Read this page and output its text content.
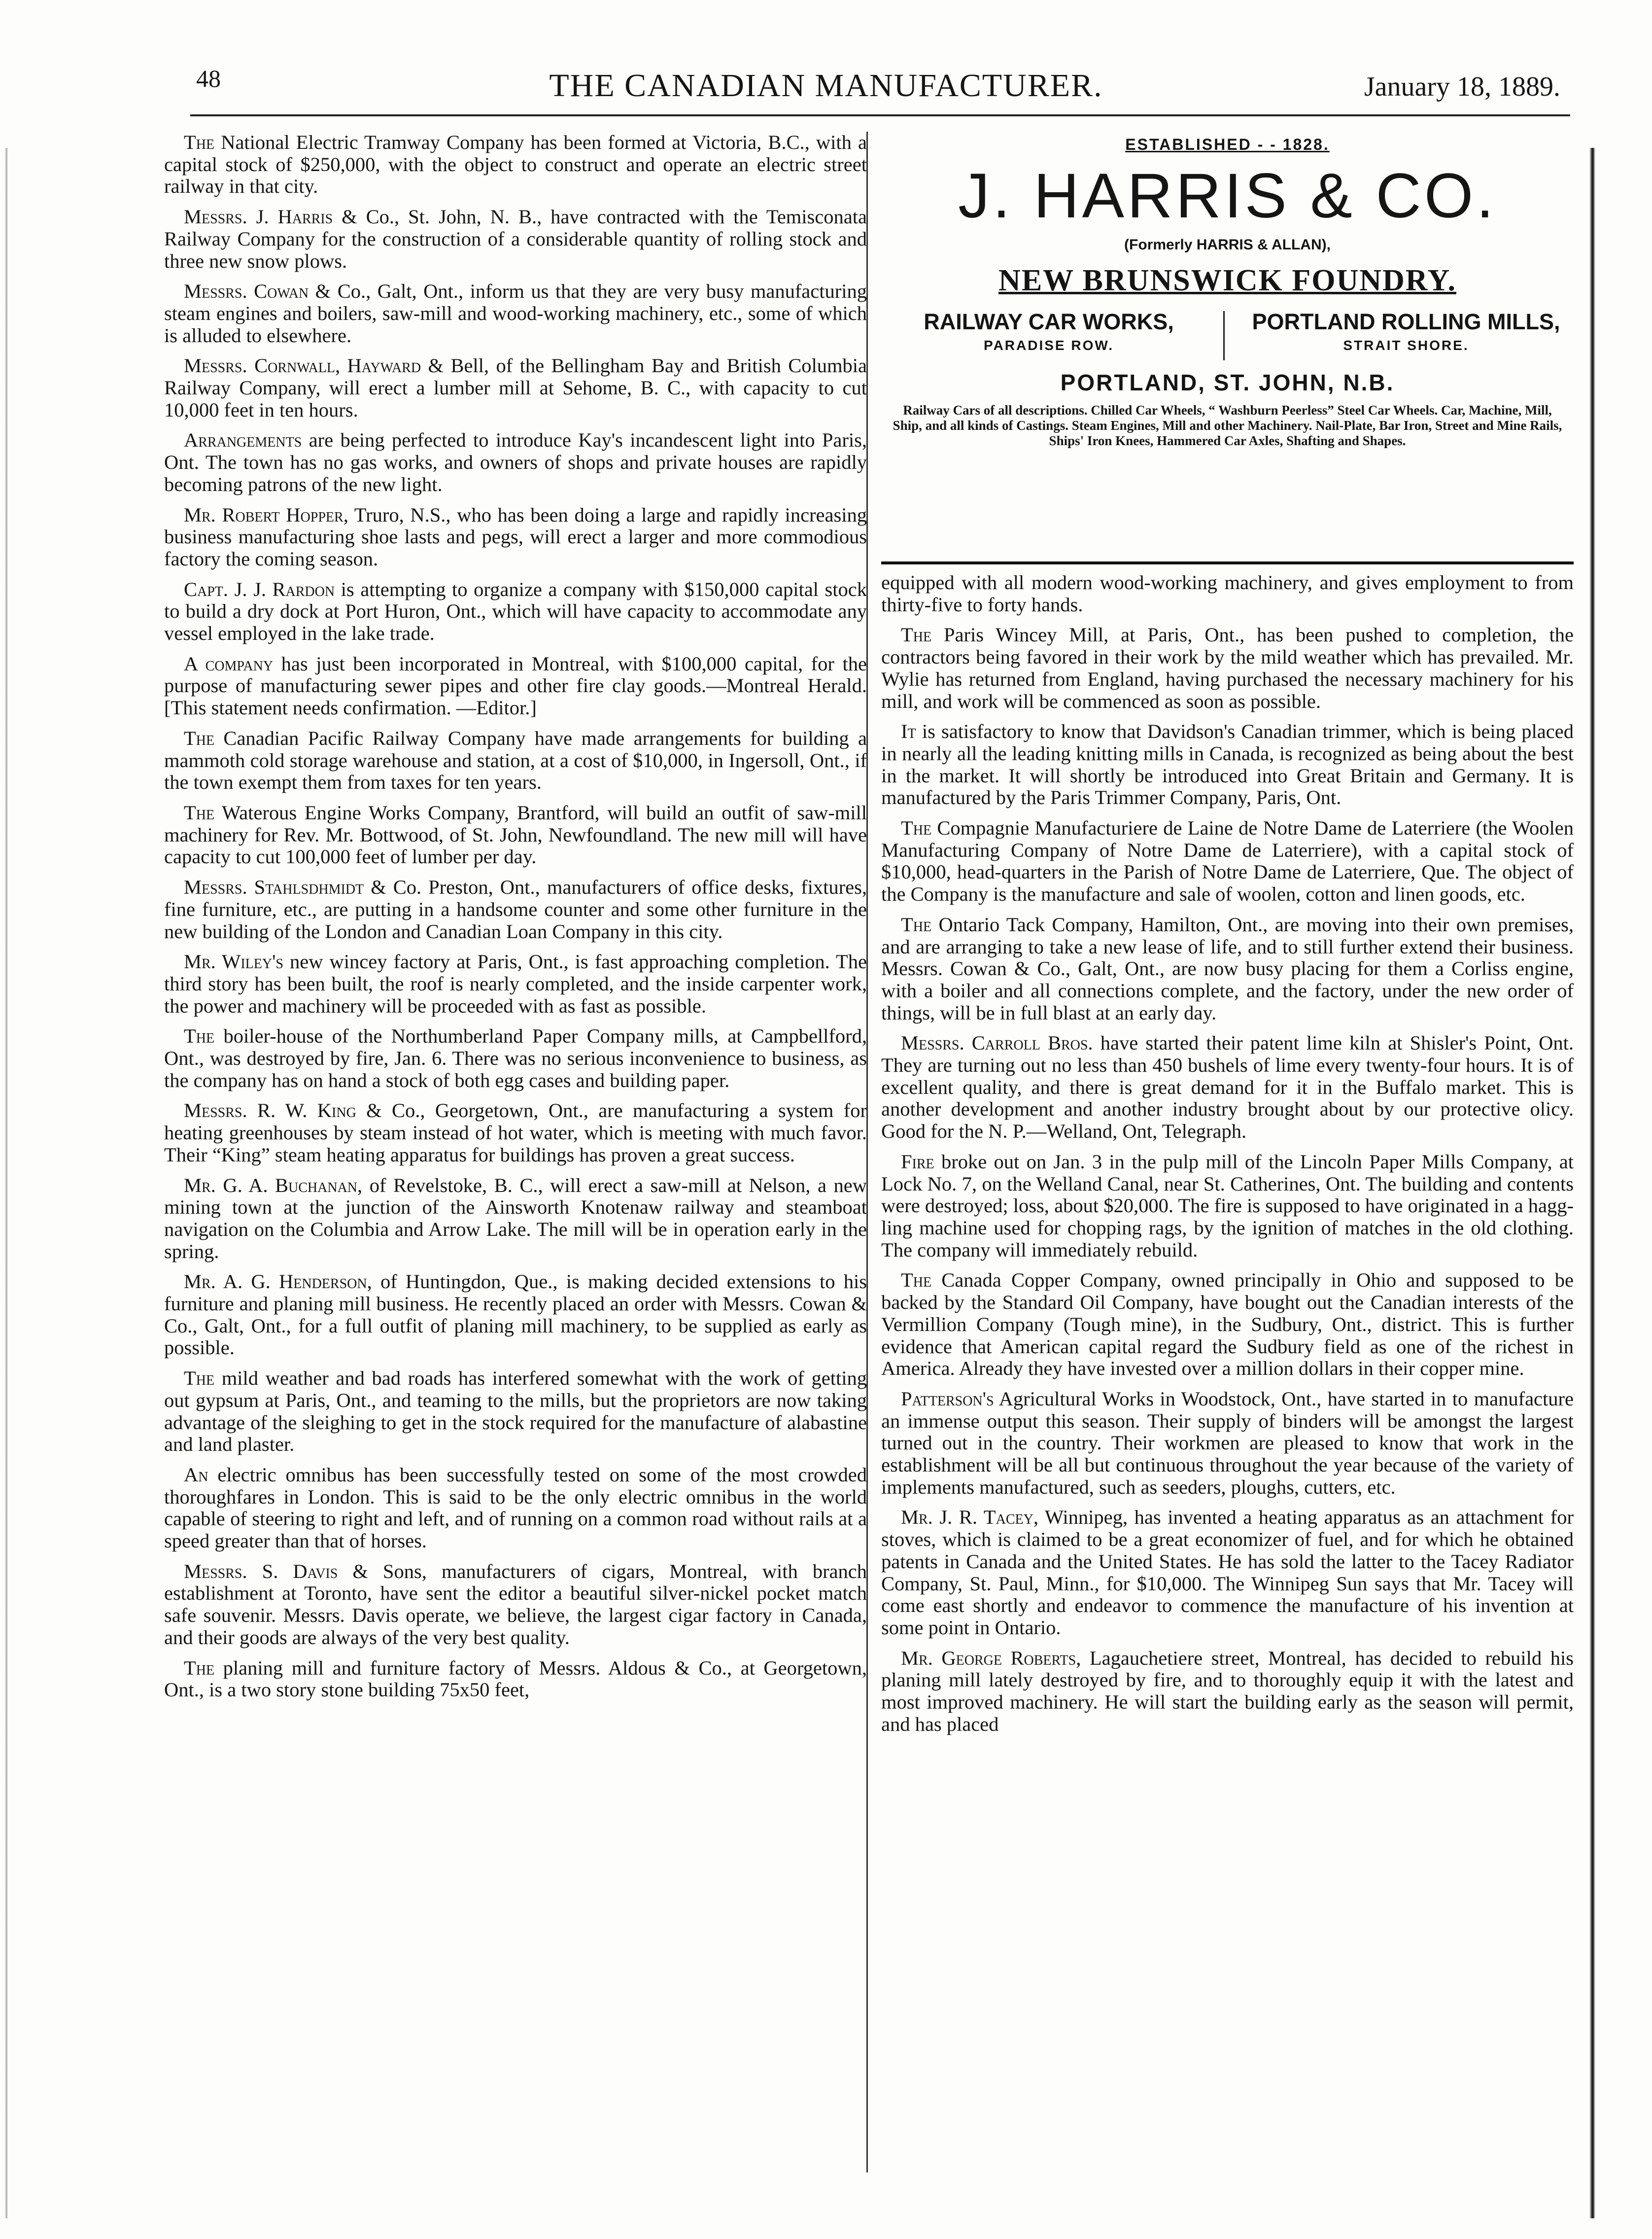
48	THE CANADIAN MANUFACTURER.	January 18, 1889.

The National Electric Tramway Company has been formed at Victoria, B.C., with a capital stock of $250,000, with the object to construct and operate an electric street railway in that city.

Messrs. J. Harris & Co., St. John, N. B., have contracted with the Temisconata Railway Company for the construction of a considerable quantity of rolling stock and three new snow plows.

Messrs. Cowan & Co., Galt, Ont., inform us that they are very busy manufacturing steam engines and boilers, saw-mill and wood-working machinery, etc., some of which is alluded to elsewhere.

Messrs. Cornwall, Hayward & Bell, of the Bellingham Bay and British Columbia Railway Company, will erect a lumber mill at Sehome, B. C., with capacity to cut 10,000 feet in ten hours.

Arrangements are being perfected to introduce Kay's incandescent light into Paris, Ont. The town has no gas works, and owners of shops and private houses are rapidly becoming patrons of the new light.

Mr. Robert Hopper, Truro, N.S., who has been doing a large and rapidly increasing business manufacturing shoe lasts and pegs, will erect a larger and more commodious factory the coming season.

Capt. J. J. Rardon is attempting to organize a company with $150,000 capital stock to build a dry dock at Port Huron, Ont., which will have capacity to accommodate any vessel employed in the lake trade.

A company has just been incorporated in Montreal, with $100,000 capital, for the purpose of manufacturing sewer pipes and other fire clay goods.—Montreal Herald. [This statement needs confirmation. —Editor.]

The Canadian Pacific Railway Company have made arrangements for building a mammoth cold storage warehouse and station, at a cost of $10,000, in Ingersoll, Ont., if the town exempt them from taxes for ten years.

The Waterous Engine Works Company, Brantford, will build an outfit of saw-mill machinery for Rev. Mr. Bottwood, of St. John, Newfoundland. The new mill will have capacity to cut 100,000 feet of lumber per day.

Messrs. Stahlsdhmidt & Co. Preston, Ont., manufacturers of office desks, fixtures, fine furniture, etc., are putting in a handsome counter and some other furniture in the new building of the London and Canadian Loan Company in this city.

Mr. Wiley's new wincey factory at Paris, Ont., is fast approaching completion. The third story has been built, the roof is nearly completed, and the inside carpenter work, the power and machinery will be proceeded with as fast as possible.

The boiler-house of the Northumberland Paper Company mills, at Campbellford, Ont., was destroyed by fire, Jan. 6. There was no serious inconvenience to business, as the company has on hand a stock of both egg cases and building paper.

Messrs. R. W. King & Co., Georgetown, Ont., are manufacturing a system for heating greenhouses by steam instead of hot water, which is meeting with much favor. Their “King” steam heating apparatus for buildings has proven a great success.

Mr. G. A. Buchanan, of Revelstoke, B. C., will erect a saw-mill at Nelson, a new mining town at the junction of the Ainsworth Knotenaw railway and steamboat navigation on the Columbia and Arrow Lake. The mill will be in operation early in the spring.

Mr. A. G. Henderson, of Huntingdon, Que., is making decided extensions to his furniture and planing mill business. He recently placed an order with Messrs. Cowan & Co., Galt, Ont., for a full outfit of planing mill machinery, to be supplied as early as possible.

The mild weather and bad roads has interfered somewhat with the work of getting out gypsum at Paris, Ont., and teaming to the mills, but the proprietors are now taking advantage of the sleighing to get in the stock required for the manufacture of alabastine and land plaster.

An electric omnibus has been successfully tested on some of the most crowded thoroughfares in London. This is said to be the only electric omnibus in the world capable of steering to right and left, and of running on a common road without rails at a speed greater than that of horses.

Messrs. S. Davis & Sons, manufacturers of cigars, Montreal, with branch establishment at Toronto, have sent the editor a beautiful silver-nickel pocket match safe souvenir. Messrs. Davis operate, we believe, the largest cigar factory in Canada, and their goods are always of the very best quality.

The planing mill and furniture factory of Messrs. Aldous & Co., at Georgetown, Ont., is a two story stone building 75x50 feet,

ESTABLISHED - - 1828.
J. HARRIS & CO.
(Formerly HARRIS & ALLAN),
NEW BRUNSWICK FOUNDRY.
RAILWAY CAR WORKS,
PARADISE ROW.
PORTLAND ROLLING MILLS,
STRAIT SHORE.
PORTLAND, ST. JOHN, N.B.
Railway Cars of all descriptions. Chilled Car Wheels, “ Washburn Peerless” Steel Car Wheels. Car, Machine, Mill, Ship, and all kinds of Castings. Steam Engines, Mill and other Machinery. Nail-Plate, Bar Iron, Street and Mine Rails, Ships' Iron Knees, Hammered Car Axles, Shafting and Shapes.

equipped with all modern wood-working machinery, and gives employment to from thirty-five to forty hands.

The Paris Wincey Mill, at Paris, Ont., has been pushed to completion, the contractors being favored in their work by the mild weather which has prevailed. Mr. Wylie has returned from England, having purchased the necessary machinery for his mill, and work will be commenced as soon as possible.

It is satisfactory to know that Davidson's Canadian trimmer, which is being placed in nearly all the leading knitting mills in Canada, is recognized as being about the best in the market. It will shortly be introduced into Great Britain and Germany. It is manufactured by the Paris Trimmer Company, Paris, Ont.

The Compagnie Manufacturiere de Laine de Notre Dame de Laterriere (the Woolen Manufacturing Company of Notre Dame de Laterriere), with a capital stock of $10,000, head-quarters in the Parish of Notre Dame de Laterriere, Que. The object of the Company is the manufacture and sale of woolen, cotton and linen goods, etc.

The Ontario Tack Company, Hamilton, Ont., are moving into their own premises, and are arranging to take a new lease of life, and to still further extend their business. Messrs. Cowan & Co., Galt, Ont., are now busy placing for them a Corliss engine, with a boiler and all connections complete, and the factory, under the new order of things, will be in full blast at an early day.

Messrs. Carroll Bros. have started their patent lime kiln at Shisler's Point, Ont. They are turning out no less than 450 bushels of lime every twenty-four hours. It is of excellent quality, and there is great demand for it in the Buffalo market. This is another development and another industry brought about by our protective olicy. Good for the N. P.—Welland, Ont, Telegraph.

Fire broke out on Jan. 3 in the pulp mill of the Lincoln Paper Mills Company, at Lock No. 7, on the Welland Canal, near St. Catherines, Ont. The building and contents were destroyed; loss, about $20,000. The fire is supposed to have originated in a hagg-ling machine used for chopping rags, by the ignition of matches in the old clothing. The company will immediately rebuild.

The Canada Copper Company, owned principally in Ohio and supposed to be backed by the Standard Oil Company, have bought out the Canadian interests of the Vermillion Company (Tough mine), in the Sudbury, Ont., district. This is further evidence that American capital regard the Sudbury field as one of the richest in America. Already they have invested over a million dollars in their copper mine.

Patterson's Agricultural Works in Woodstock, Ont., have started in to manufacture an immense output this season. Their supply of binders will be amongst the largest turned out in the country. Their workmen are pleased to know that work in the establishment will be all but continuous throughout the year because of the variety of implements manufactured, such as seeders, ploughs, cutters, etc.

Mr. J. R. Tacey, Winnipeg, has invented a heating apparatus as an attachment for stoves, which is claimed to be a great economizer of fuel, and for which he obtained patents in Canada and the United States. He has sold the latter to the Tacey Radiator Company, St. Paul, Minn., for $10,000. The Winnipeg Sun says that Mr. Tacey will come east shortly and endeavor to commence the manufacture of his invention at some point in Ontario.

Mr. George Roberts, Lagauchetiere street, Montreal, has decided to rebuild his planing mill lately destroyed by fire, and to thoroughly equip it with the latest and most improved machinery. He will start the building early as the season will permit, and has placed
